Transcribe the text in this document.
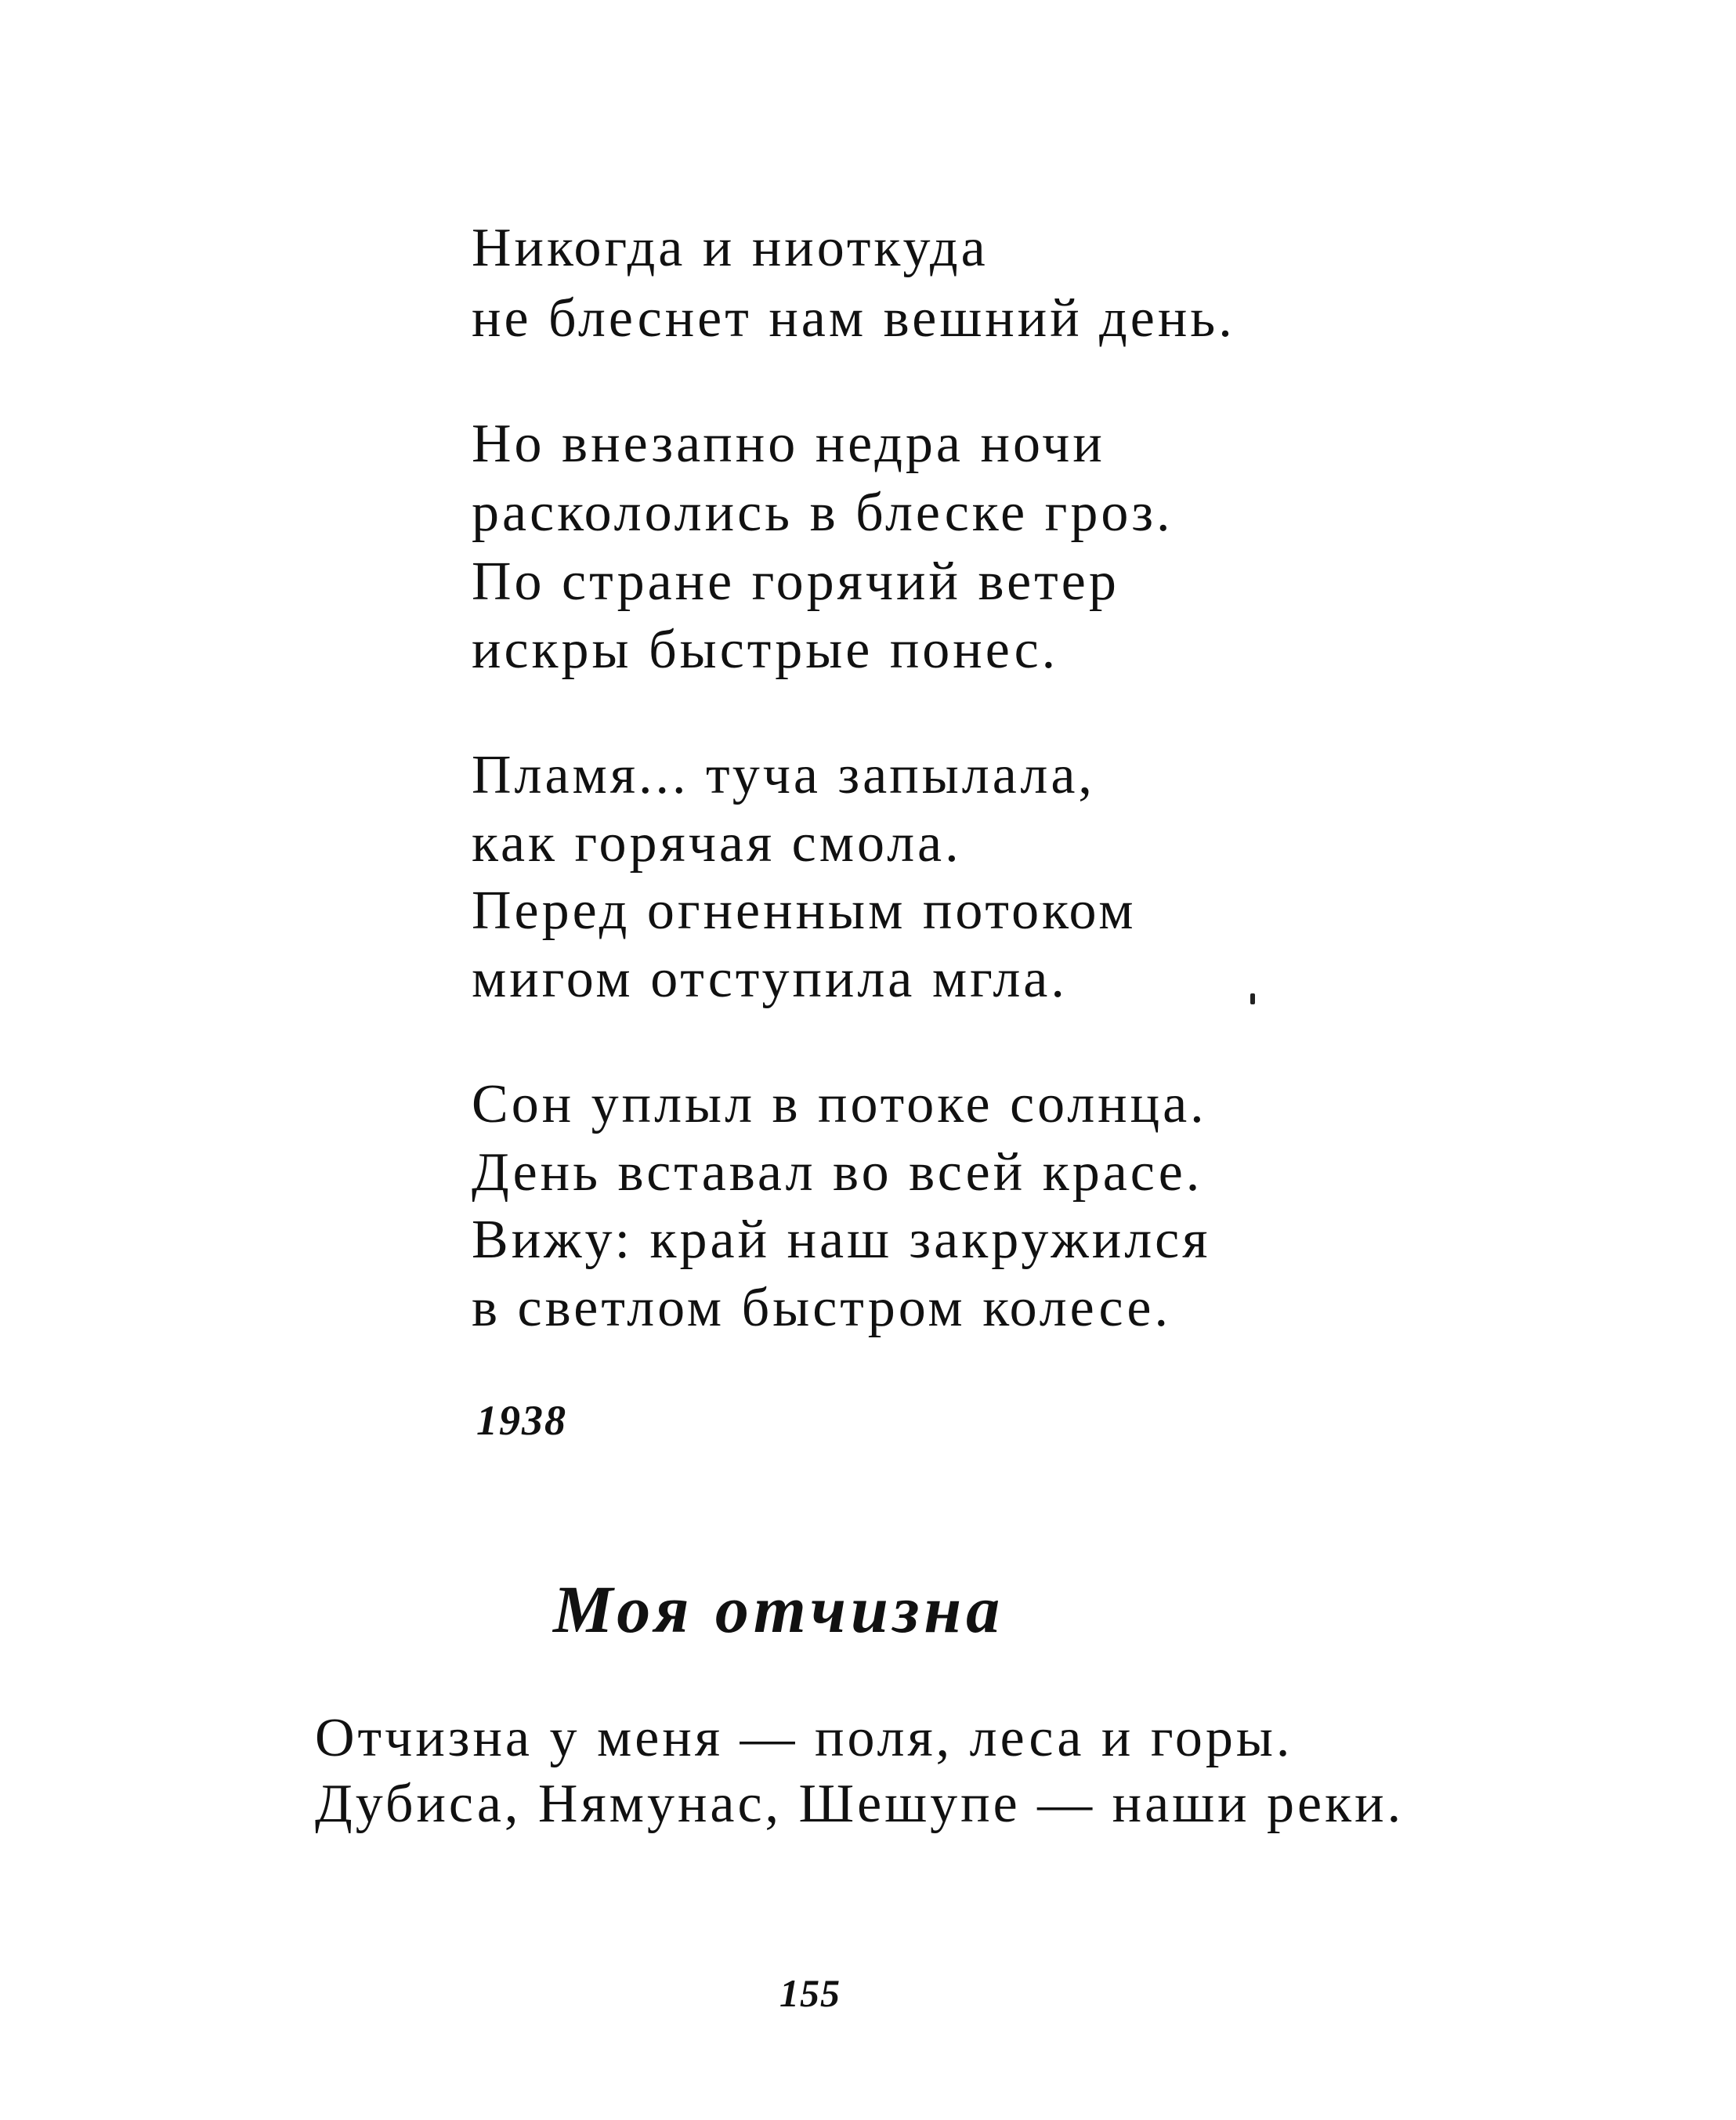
Никогда и ниоткуда
не блеснет нам вешний день.
Но внезапно недра ночи
раскололись в блеске гроз.
По стране горячий ветер
искры быстрые понес.
Пламя... туча запылала,
как горячая смола.
Перед огненным потоком
мигом отступила мгла.
Сон уплыл в потоке солнца.
День вставал во всей красе.
Вижу: край наш закружился
в светлом быстром колесе.
1938
Моя отчизна
Отчизна у меня — поля, леса и горы.
Дубиса, Нямунас, Шешупе — наши реки.
155
